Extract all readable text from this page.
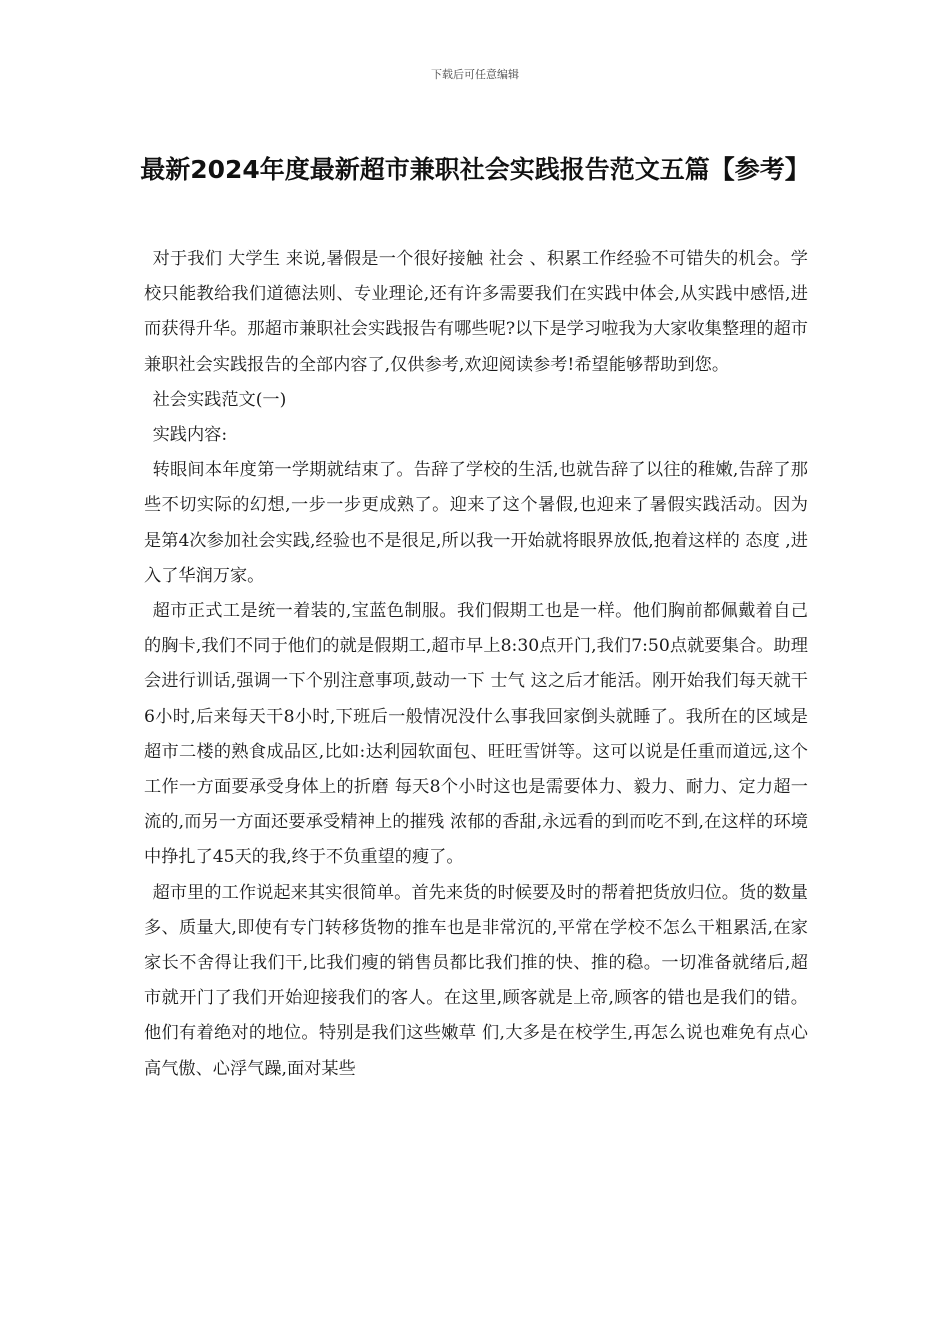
下载后可任意编辑
最新2024年度最新超市兼职社会实践报告范文五篇【参考】

对于我们 大学生 来说,暑假是一个很好接触 社会 、积累工作经验不可错失的机会。学校只能教给我们道德法则、专业理论,还有许多需要我们在实践中体会,从实践中感悟,进而获得升华。那超市兼职社会实践报告有哪些呢?以下是学习啦我为大家收集整理的超市兼职社会实践报告的全部内容了,仅供参考,欢迎阅读参考!希望能够帮助到您。

社会实践范文(一)

实践内容:

转眼间本年度第一学期就结束了。告辞了学校的生活,也就告辞了以往的稚嫩,告辞了那些不切实际的幻想,一步一步更成熟了。迎来了这个暑假,也迎来了暑假实践活动。因为是第4次参加社会实践,经验也不是很足,所以我一开始就将眼界放低,抱着这样的 态度 ,进入了华润万家。

超市正式工是统一着装的,宝蓝色制服。我们假期工也是一样。他们胸前都佩戴着自己的胸卡,我们不同于他们的就是假期工,超市早上8:30点开门,我们7:50点就要集合。助理会进行训话,强调一下个别注意事项,鼓动一下 士气 这之后才能活。刚开始我们每天就干6小时,后来每天干8小时,下班后一般情况没什么事我回家倒头就睡了。我所在的区域是超市二楼的熟食成品区,比如:达利园软面包、旺旺雪饼等。这可以说是任重而道远,这个工作一方面要承受身体上的折磨 每天8个小时这也是需要体力、毅力、耐力、定力超一流的,而另一方面还要承受精神上的摧残 浓郁的香甜,永远看的到而吃不到,在这样的环境中挣扎了45天的我,终于不负重望的瘦了。

超市里的工作说起来其实很简单。首先来货的时候要及时的帮着把货放归位。货的数量多、质量大,即使有专门转移货物的推车也是非常沉的,平常在学校不怎么干粗累活,在家家长不舍得让我们干,比我们瘦的销售员都比我们推的快、推的稳。一切准备就绪后,超市就开门了我们开始迎接我们的客人。在这里,顾客就是上帝,顾客的错也是我们的错。他们有着绝对的地位。特别是我们这些嫩草 们,大多是在校学生,再怎么说也难免有点心高气傲、心浮气躁,面对某些
